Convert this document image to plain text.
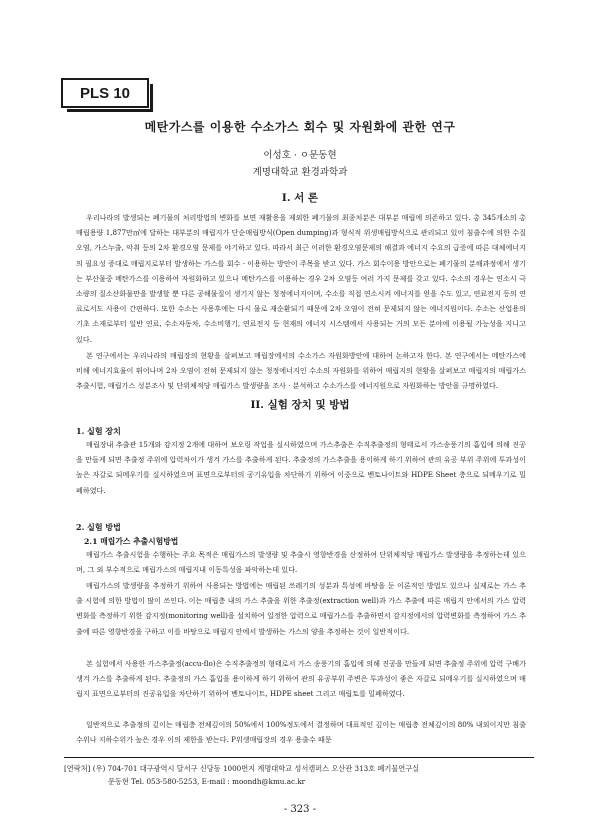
PLS 10
메탄가스를 이용한 수소가스 회수 및 자원화에 관한 연구
이성호 · ㅇ문동현
계명대학교 환경과학과
I. 서 론
우리나라의 발생되는 폐기물의 처리방법의 변화를 보면 재활용을 제외한 폐기물의 최종처분은 대부분 매립에 의존하고 있다. 총 345개소의 총매립용량 1,877만㎥에 달하는 대부분의 매립지가 단순매립방식(Open dumping)과 형식적 위생매립방식으로 관리되고 있어 침출수에 의한 수질오염, 가스누출, 악취 등의 2차 환경오염 문제를 야기하고 있다. 따라서 최근 이러한 환경오염문제의 해결과 에너지 수요의 급증에 따른 대체에너지의 필요성 증대로 매립지로부터 발생하는 가스를 회수 · 이용하는 방안이 주목을 받고 있다. 가스 회수이용 방안으로는 폐기물의 분해과정에서 생기는 부산물중 메탄가스를 이용하여 자원화하고 있으나 메탄가스를 이용하는 경우 2차 오염등 여러 가지 문제를 갖고 있다. 수소의 경우는 연소시 극소량의 질소산화물만을 발생할 뿐 다른 공해물질이 생기지 않는 청정에너지이며, 수소를 직접 연소시켜 에너지를 얻을 수도 있고, 연료전지 등의 연료로서도 사용이 간편하다. 또한 수소는 사용후에는 다시 물로 재순환되기 때문에 2차 오염이 전혀 문제되지 않는 에너지원이다. 수소는 산업용의 기초 소재로부터 일반 연료, 수소자동차, 수소비행기, 연료전지 등 현재의 에너지 시스템에서 사용되는 거의 모든 분야에 이용될 가능성을 지니고 있다.
본 연구에서는 우리나라의 매립장의 현황을 살펴보고 매립장에서의 수소가스 자원화방안에 대하여 논하고자 한다. 본 연구에서는 메탄가스에 비해 에너지효율이 뛰어나며 2차 오염이 전혀 문제되지 않는 청정에너지인 수소의 자원화를 위하여 매립지의 현황을 살펴보고 매립지의 매립가스 추출시험, 매립가스 성분조사 및 단위체적당 매립가스 발생량을 조사 · 분석하고 수소가스를 에너지원으로 자원화하는 방안을 규명하였다.
II. 실험 장치 및 방법
1. 실험 장치
매립장내 추출관 15개와 감지정 2개에 대하여 보오링 작업을 실시하였으며 가스추출은 수직추출정의 형태로서 가스송풍기의 흡입에 의해 진공을 만들게 되면 추출정 주위에 압력차이가 생겨 가스를 추출하게 된다. 추출정의 가스추출을 용이하게 하기 위하여 관의 유공 부위 주위에 투과성이 높은 자갈로 되메우기를 실시하였으며 표면으로부터의 공기유입을 차단하기 위하여 이중으로 벤토나이트와 HDPE Sheet 층으로 되메우기로 밀폐하였다.
2. 실험 방법
2.1 매립가스 추출시험방법
매립가스 추출시험을 수행하는 주요 목적은 매립가스의 발생량 및 추출시 영향반경을 산정하여 단위체적당 매립가스 발생량을 추정하는데 있으며, 그 외 부수적으로 매립가스의 매립지내 이동특성을 파악하는데 있다.
매립가스의 발생량을 추정하기 위하여 사용되는 방법에는 매립된 쓰레기의 성분과 특성에 바탕을 둔 이론적인 방법도 있으나 실제로는 가스 추출 시험에 의한 방법이 많이 쓰인다. 이는 매립층 내의 가스 추출을 위한 추출정(extraction well)과 가스 추출에 따른 매립지 안에서의 가스 압력 변화를 측정하기 위한 감지정(monitoring well)을 설치하여 일정한 압력으로 매립가스를 추출하면서 감지정에서의 압력변화를 측정하여 가스 추출에 따른 영향반경을 구하고 이를 바탕으로 매립지 안에서 발생하는 가스의 양을 추정하는 것이 일반적이다.
본 실험에서 사용한 가스추출정(accu-flo)은 수직추출정의 형태로서 가스 송풍기의 흡입에 의해 진공을 만들게 되면 추출정 주위에 압력 구배가 생겨 가스를 추출하게 된다. 추출정의 가스 흡입을 용이하게 하기 위하여 관의 유공부위 주변은 투과성이 좋은 자갈로 되메우기를 실시하였으며 매립지 표면으로부터의 진공유입을 차단하기 위하여 벤토나이트, HDPE sheet 그리고 매립토를 밀폐하였다.
일반적으로 추출정의 깊이는 매립층 전체깊이의 50%에서 100%정도에서 결정하며 대표적인 깊이는 매립층 전체깊이의 80% 내외이지만 침출수위나 지하수위가 높은 경우 이의 제한을 받는다. P위생매립장의 경우 용출수 때문
[연락처] (우) 704-701 대구광역시 달서구 신당동 1000번지 계명대학교 성서캠퍼스 오산관 313호 폐기물연구실
문동현 Tel. 053-580-5253, E-mail : moondh@kmu.ac.kr
- 323 -
